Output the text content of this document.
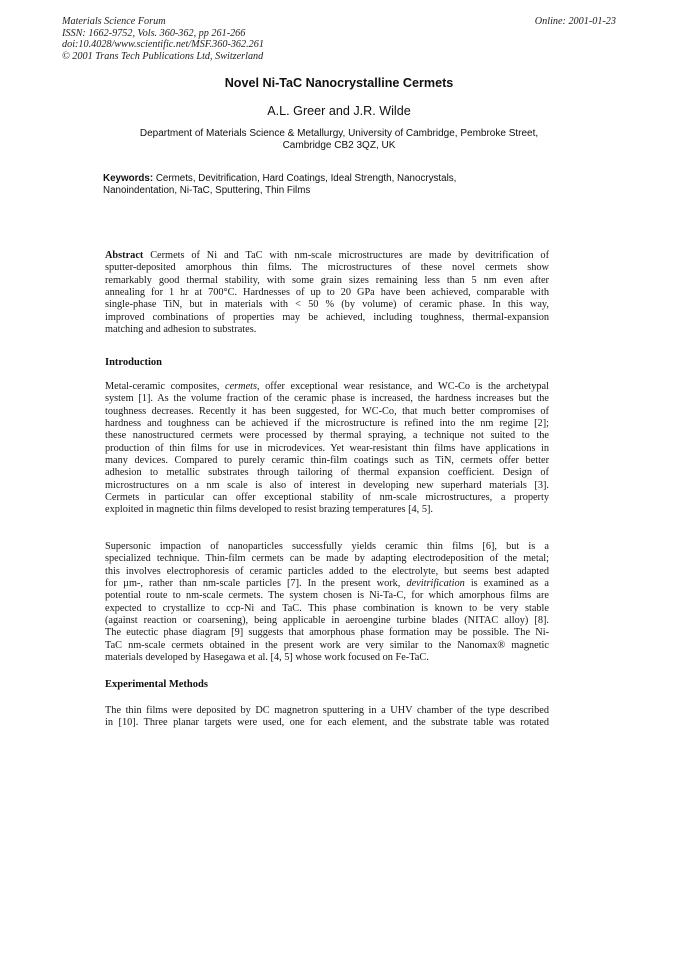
Materials Science Forum
ISSN: 1662-9752, Vols. 360-362, pp 261-266
doi:10.4028/www.scientific.net/MSF.360-362.261
© 2001 Trans Tech Publications Ltd, Switzerland
Online: 2001-01-23
Novel Ni-TaC Nanocrystalline Cermets
A.L. Greer and J.R. Wilde
Department of Materials Science & Metallurgy, University of Cambridge, Pembroke Street,
Cambridge CB2 3QZ, UK
Keywords: Cermets, Devitrification, Hard Coatings, Ideal Strength, Nanocrystals,
Nanoindentation, Ni-TaC, Sputtering, Thin Films
Abstract Cermets of Ni and TaC with nm-scale microstructures are made by devitrification of
sputter-deposited amorphous thin films. The microstructures of these novel cermets show
remarkably good thermal stability, with some grain sizes remaining less than 5 nm even after
annealing for 1 hr at 700°C. Hardnesses of up to 20 GPa have been achieved, comparable with
single-phase TiN, but in materials with < 50 % (by volume) of ceramic phase. In this way,
improved combinations of properties may be achieved, including toughness, thermal-expansion
matching and adhesion to substrates.
Introduction
Metal-ceramic composites, cermets, offer exceptional wear resistance, and WC-Co is the archetypal
system [1]. As the volume fraction of the ceramic phase is increased, the hardness increases but the
toughness decreases. Recently it has been suggested, for WC-Co, that much better compromises of
hardness and toughness can be achieved if the microstructure is refined into the nm regime [2];
these nanostructured cermets were processed by thermal spraying, a technique not suited to the
production of thin films for use in microdevices. Yet wear-resistant thin films have applications in
many devices. Compared to purely ceramic thin-film coatings such as TiN, cermets offer better
adhesion to metallic substrates through tailoring of thermal expansion coefficient. Design of
microstructures on a nm scale is also of interest in developing new superhard materials [3].
Cermets in particular can offer exceptional stability of nm-scale microstructures, a property
exploited in magnetic thin films developed to resist brazing temperatures [4, 5].
Supersonic impaction of nanoparticles successfully yields ceramic thin films [6], but is a
specialized technique. Thin-film cermets can be made by adapting electrodeposition of the metal;
this involves electrophoresis of ceramic particles added to the electrolyte, but seems best adapted
for µm-, rather than nm-scale particles [7]. In the present work, devitrification is examined as a
potential route to nm-scale cermets. The system chosen is Ni-Ta-C, for which amorphous films are
expected to crystallize to ccp-Ni and TaC. This phase combination is known to be very stable
(against reaction or coarsening), being applicable in aeroengine turbine blades (NITAC alloy) [8].
The eutectic phase diagram [9] suggests that amorphous phase formation may be possible. The Ni-
TaC nm-scale cermets obtained in the present work are very similar to the Nanomax® magnetic
materials developed by Hasegawa et al. [4, 5] whose work focused on Fe-TaC.
Experimental Methods
The thin films were deposited by DC magnetron sputtering in a UHV chamber of the type described
in [10]. Three planar targets were used, one for each element, and the substrate table was rotated
